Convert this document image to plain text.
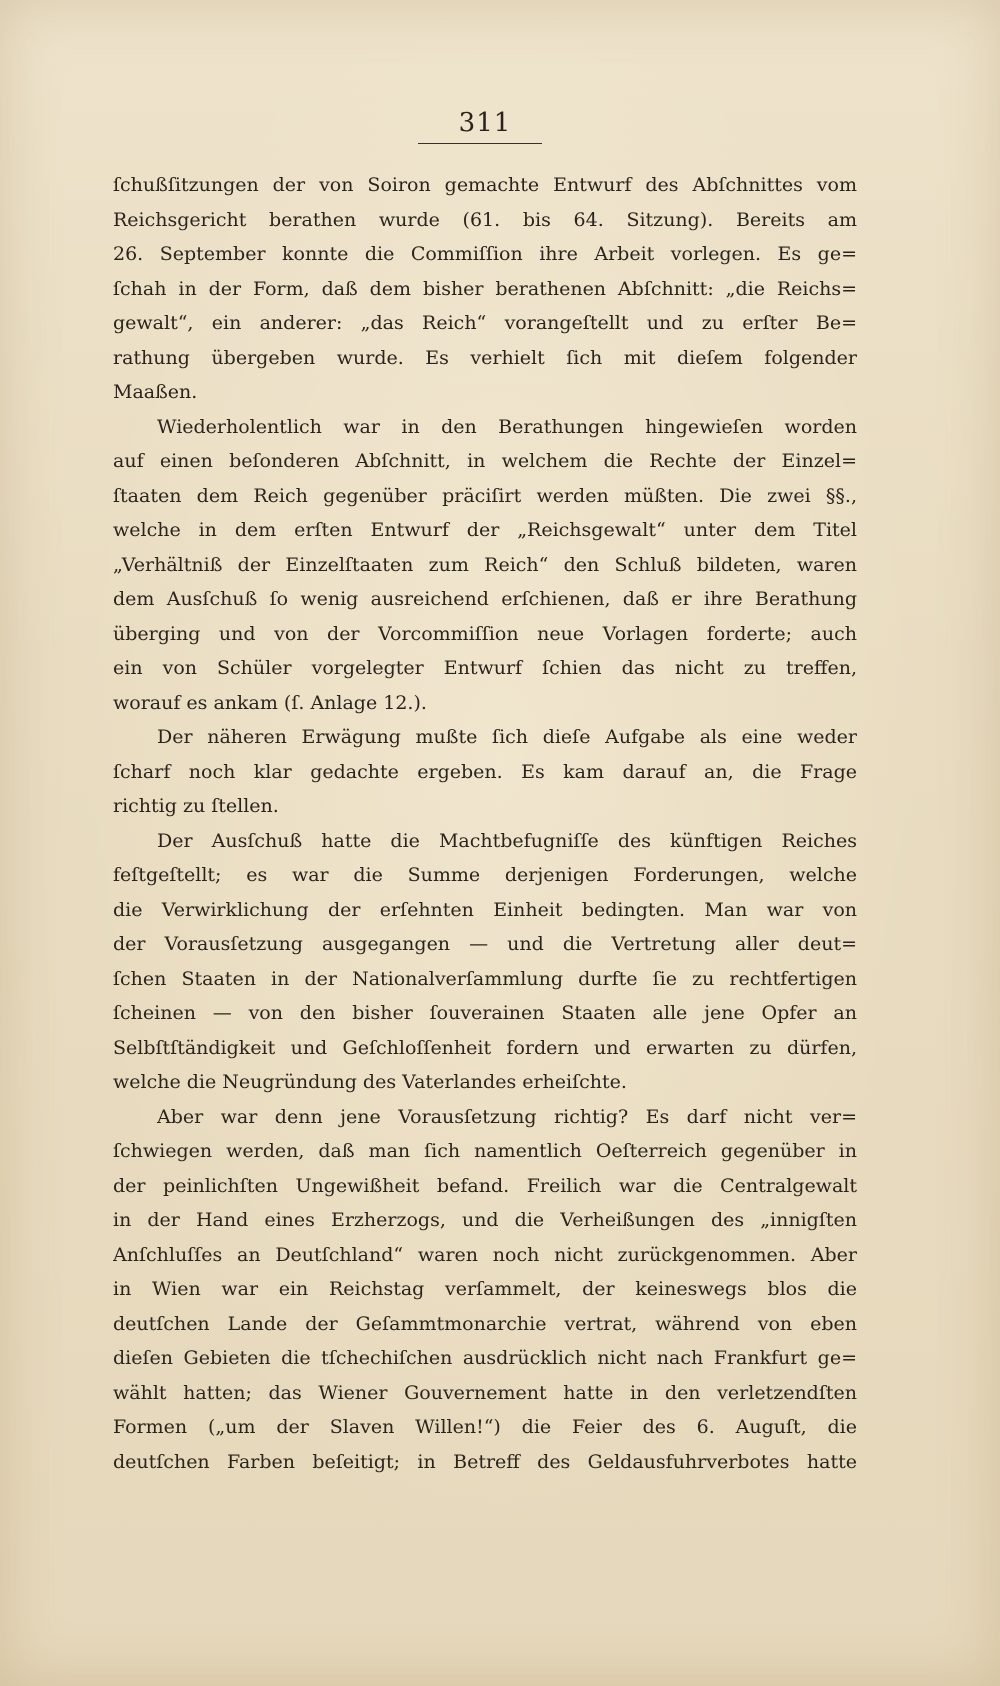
311
ſchußſitzungen der von Soiron gemachte Entwurf des Abſchnittes vom
Reichsgericht berathen wurde (61. bis 64. Sitzung). Bereits am
26. September konnte die Commiſſion ihre Arbeit vorlegen. Es ge=
ſchah in der Form, daß dem bisher berathenen Abſchnitt: „die Reichs=
gewalt“, ein anderer: „das Reich“ vorangeſtellt und zu erſter Be=
rathung übergeben wurde. Es verhielt ſich mit dieſem folgender
Maaßen.
Wiederholentlich war in den Berathungen hingewieſen worden
auf einen beſonderen Abſchnitt, in welchem die Rechte der Einzel=
ſtaaten dem Reich gegenüber präciſirt werden müßten. Die zwei §§.,
welche in dem erſten Entwurf der „Reichsgewalt“ unter dem Titel
„Verhältniß der Einzelſtaaten zum Reich“ den Schluß bildeten, waren
dem Ausſchuß ſo wenig ausreichend erſchienen, daß er ihre Berathung
überging und von der Vorcommiſſion neue Vorlagen forderte; auch
ein von Schüler vorgelegter Entwurf ſchien das nicht zu treffen,
worauf es ankam (ſ. Anlage 12.).
Der näheren Erwägung mußte ſich dieſe Aufgabe als eine weder
ſcharf noch klar gedachte ergeben. Es kam darauf an, die Frage
richtig zu ſtellen.
Der Ausſchuß hatte die Machtbefugniſſe des künftigen Reiches
feſtgeſtellt; es war die Summe derjenigen Forderungen, welche
die Verwirklichung der erſehnten Einheit bedingten. Man war von
der Vorausſetzung ausgegangen — und die Vertretung aller deut=
ſchen Staaten in der Nationalverſammlung durfte ſie zu rechtfertigen
ſcheinen — von den bisher ſouverainen Staaten alle jene Opfer an
Selbſtſtändigkeit und Geſchloſſenheit fordern und erwarten zu dürfen,
welche die Neugründung des Vaterlandes erheiſchte.
Aber war denn jene Vorausſetzung richtig? Es darf nicht ver=
ſchwiegen werden, daß man ſich namentlich Oeſterreich gegenüber in
der peinlichſten Ungewißheit befand. Freilich war die Centralgewalt
in der Hand eines Erzherzogs, und die Verheißungen des „innigſten
Anſchluſſes an Deutſchland“ waren noch nicht zurückgenommen. Aber
in Wien war ein Reichstag verſammelt, der keineswegs blos die
deutſchen Lande der Geſammtmonarchie vertrat, während von eben
dieſen Gebieten die tſchechiſchen ausdrücklich nicht nach Frankfurt ge=
wählt hatten; das Wiener Gouvernement hatte in den verletzendſten
Formen („um der Slaven Willen!“) die Feier des 6. Auguſt, die
deutſchen Farben beſeitigt; in Betreff des Geldausfuhrverbotes hatte
